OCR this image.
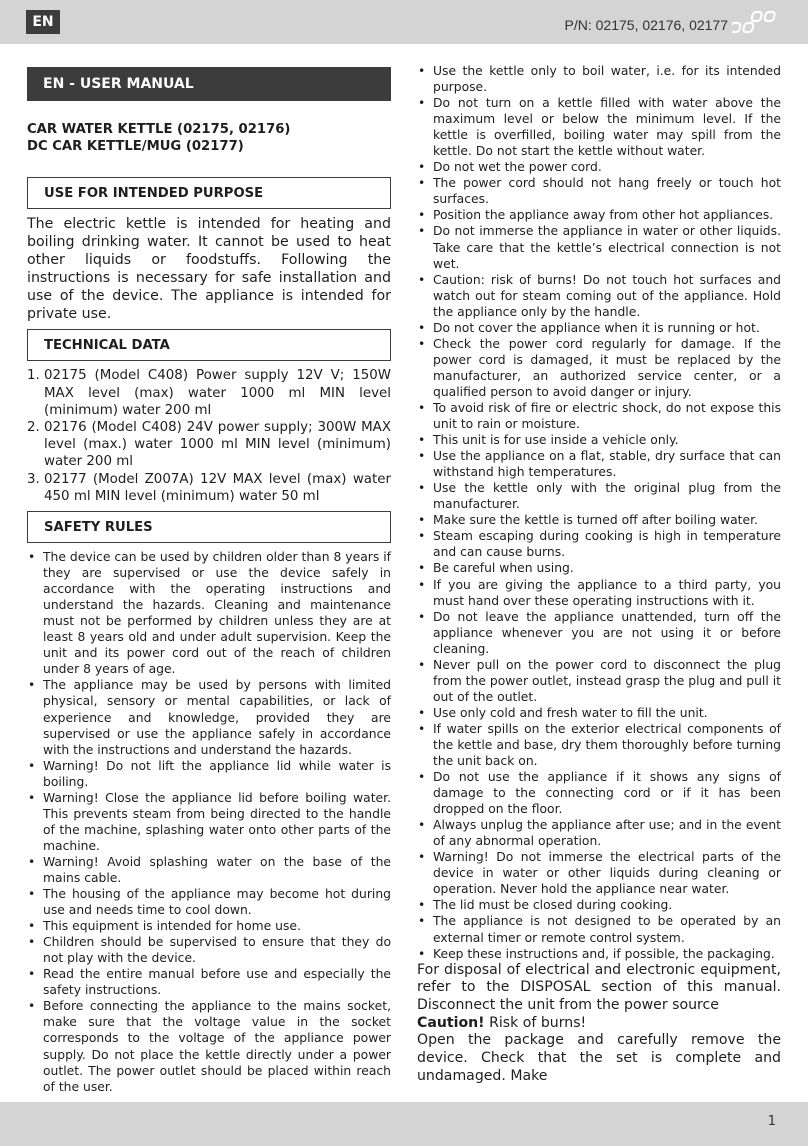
EN	P/N: 02175, 02176, 02177
EN - USER MANUAL
CAR WATER KETTLE (02175, 02176)
DC CAR KETTLE/MUG (02177)
USE FOR INTENDED PURPOSE
The electric kettle is intended for heating and boiling drinking water. It cannot be used to heat other liquids or foodstuffs. Following the instructions is necessary for safe installation and use of the device. The appliance is intended for private use.
TECHNICAL DATA
1. 02175 (Model C408) Power supply 12V V; 150W MAX level (max) water 1000 ml MIN level (minimum) water 200 ml
2. 02176 (Model C408) 24V power supply; 300W MAX level (max.) water 1000 ml MIN level (minimum) water 200 ml
3. 02177 (Model Z007A) 12V MAX level (max) water 450 ml MIN level (minimum) water 50 ml
SAFETY RULES
• The device can be used by children older than 8 years if they are supervised or use the device safely in accordance with the operating instructions and understand the hazards. Cleaning and maintenance must not be performed by children unless they are at least 8 years old and under adult supervision. Keep the unit and its power cord out of the reach of children under 8 years of age.
• The appliance may be used by persons with limited physical, sensory or mental capabilities, or lack of experience and knowledge, provided they are supervised or use the appliance safely in accordance with the instructions and understand the hazards.
• Warning! Do not lift the appliance lid while water is boiling.
• Warning! Close the appliance lid before boiling water. This prevents steam from being directed to the handle of the machine, splashing water onto other parts of the machine.
• Warning! Avoid splashing water on the base of the mains cable.
• The housing of the appliance may become hot during use and needs time to cool down.
• This equipment is intended for home use.
• Children should be supervised to ensure that they do not play with the device.
• Read the entire manual before use and especially the safety instructions.
• Before connecting the appliance to the mains socket, make sure that the voltage value in the socket corresponds to the voltage of the appliance power supply. Do not place the kettle directly under a power outlet. The power outlet should be placed within reach of the user.
• Use the kettle only to boil water, i.e. for its intended purpose.
• Do not turn on a kettle filled with water above the maximum level or below the minimum level. If the kettle is overfilled, boiling water may spill from the kettle. Do not start the kettle without water.
• Do not wet the power cord.
• The power cord should not hang freely or touch hot surfaces.
• Position the appliance away from other hot appliances.
• Do not immerse the appliance in water or other liquids. Take care that the kettle’s electrical connection is not wet.
• Caution: risk of burns! Do not touch hot surfaces and watch out for steam coming out of the appliance. Hold the appliance only by the handle.
• Do not cover the appliance when it is running or hot.
• Check the power cord regularly for damage. If the power cord is damaged, it must be replaced by the manufacturer, an authorized service center, or a qualified person to avoid danger or injury.
• To avoid risk of fire or electric shock, do not expose this unit to rain or moisture.
• This unit is for use inside a vehicle only.
• Use the appliance on a flat, stable, dry surface that can withstand high temperatures.
• Use the kettle only with the original plug from the manufacturer.
• Make sure the kettle is turned off after boiling water.
• Steam escaping during cooking is high in temperature and can cause burns.
• Be careful when using.
• If you are giving the appliance to a third party, you must hand over these operating instructions with it.
• Do not leave the appliance unattended, turn off the appliance whenever you are not using it or before cleaning.
• Never pull on the power cord to disconnect the plug from the power outlet, instead grasp the plug and pull it out of the outlet.
• Use only cold and fresh water to fill the unit.
• If water spills on the exterior electrical components of the kettle and base, dry them thoroughly before turning the unit back on.
• Do not use the appliance if it shows any signs of damage to the connecting cord or if it has been dropped on the floor.
• Always unplug the appliance after use; and in the event of any abnormal operation.
• Warning! Do not immerse the electrical parts of the device in water or other liquids during cleaning or operation. Never hold the appliance near water.
• The lid must be closed during cooking.
• The appliance is not designed to be operated by an external timer or remote control system.
• Keep these instructions and, if possible, the packaging.
For disposal of electrical and electronic equipment, refer to the DISPOSAL section of this manual. Disconnect the unit from the power source
Caution! Risk of burns!
Open the package and carefully remove the device. Check that the set is complete and undamaged. Make
1
